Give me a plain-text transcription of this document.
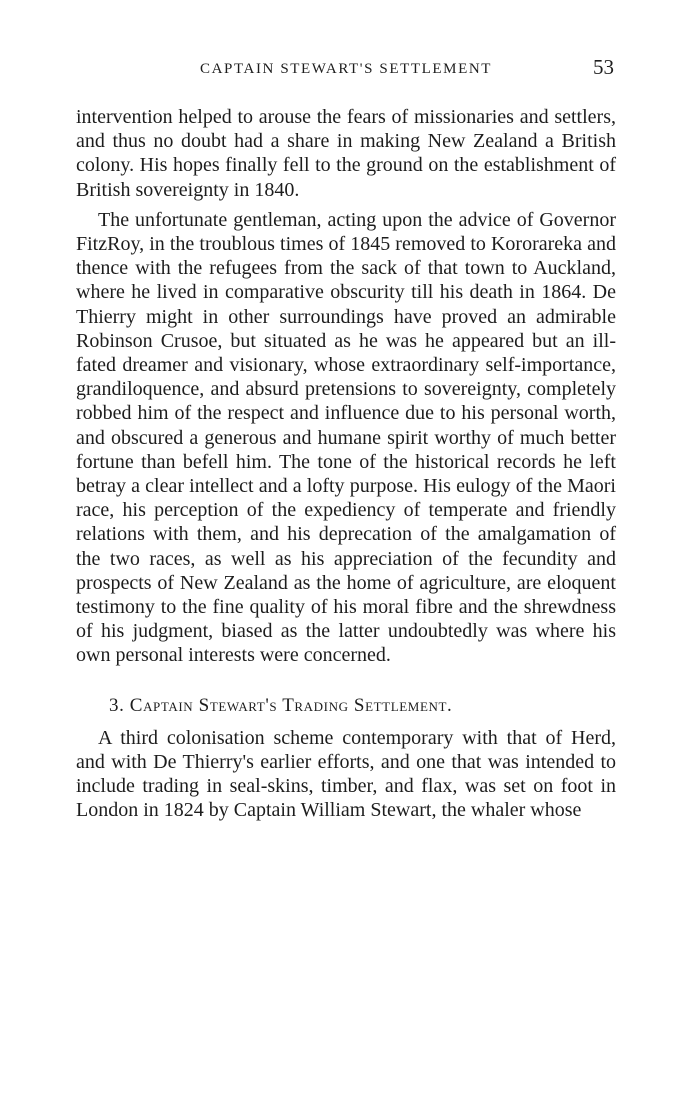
CAPTAIN STEWART'S SETTLEMENT	53

intervention helped to arouse the fears of missionaries and settlers, and thus no doubt had a share in making New Zealand a British colony. His hopes finally fell to the ground on the establishment of British sovereignty in 1840.

The unfortunate gentleman, acting upon the advice of Governor FitzRoy, in the troublous times of 1845 removed to Kororareka and thence with the refugees from the sack of that town to Auckland, where he lived in comparative obscurity till his death in 1864. De Thierry might in other surroundings have proved an admirable Robinson Crusoe, but situated as he was he appeared but an ill-fated dreamer and visionary, whose extraordinary self-importance, grandiloquence, and absurd pretensions to sovereignty, completely robbed him of the respect and influence due to his personal worth, and obscured a generous and humane spirit worthy of much better fortune than befell him. The tone of the historical records he left betray a clear intellect and a lofty purpose. His eulogy of the Maori race, his perception of the expediency of temperate and friendly relations with them, and his deprecation of the amalgamation of the two races, as well as his appreciation of the fecundity and prospects of New Zealand as the home of agriculture, are eloquent testimony to the fine quality of his moral fibre and the shrewdness of his judgment, biased as the latter undoubtedly was where his own personal interests were concerned.

3. Captain Stewart's Trading Settlement.

A third colonisation scheme contemporary with that of Herd, and with De Thierry's earlier efforts, and one that was intended to include trading in seal-skins, timber, and flax, was set on foot in London in 1824 by Captain William Stewart, the whaler whose
